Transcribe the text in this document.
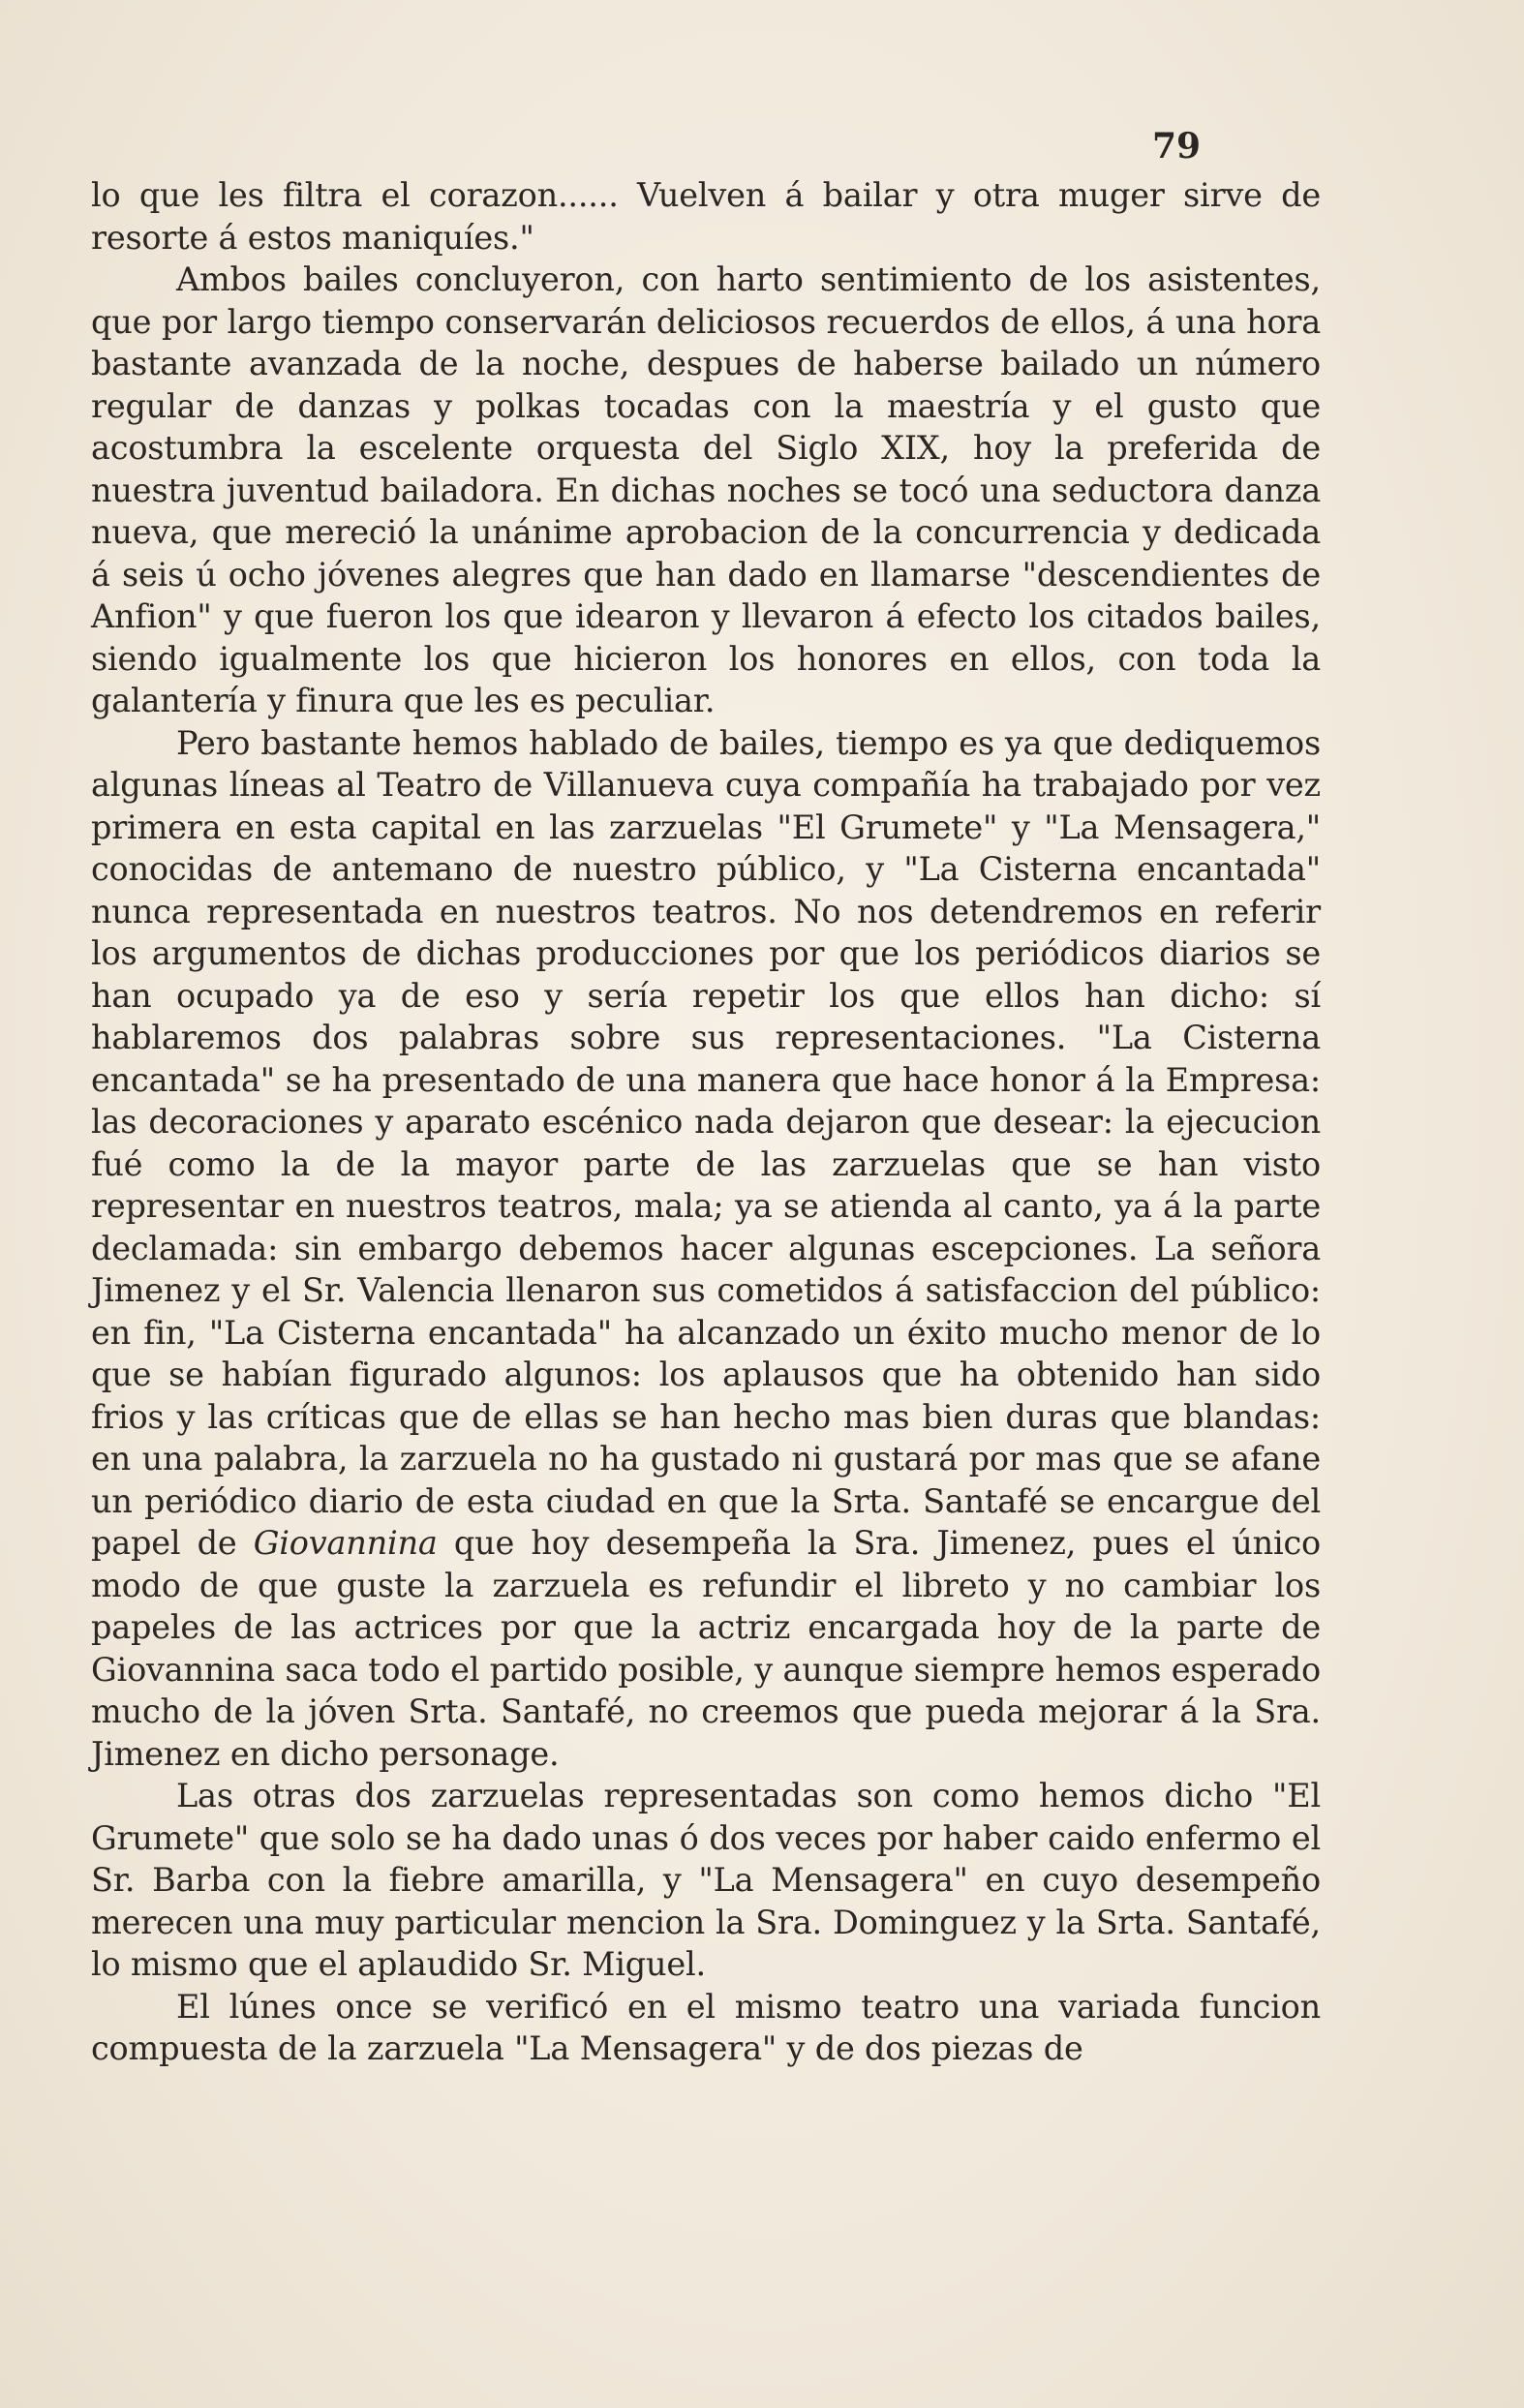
79

lo que les filtra el corazon...... Vuelven á bailar y otra muger sirve de resorte á estos maniquíes."

Ambos bailes concluyeron, con harto sentimiento de los asistentes, que por largo tiempo conservarán deliciosos recuerdos de ellos, á una hora bastante avanzada de la noche, despues de haberse bailado un número regular de danzas y polkas tocadas con la maestría y el gusto que acostumbra la escelente orquesta del Siglo XIX, hoy la preferida de nuestra juventud bailadora. En dichas noches se tocó una seductora danza nueva, que mereció la unánime aprobacion de la concurrencia y dedicada á seis ú ocho jóvenes alegres que han dado en llamarse "descendientes de Anfion" y que fueron los que idearon y llevaron á efecto los citados bailes, siendo igualmente los que hicieron los honores en ellos, con toda la galantería y finura que les es peculiar.

Pero bastante hemos hablado de bailes, tiempo es ya que dediquemos algunas líneas al Teatro de Villanueva cuya compañía ha trabajado por vez primera en esta capital en las zarzuelas "El Grumete" y "La Mensagera," conocidas de antemano de nuestro público, y "La Cisterna encantada" nunca representada en nuestros teatros. No nos detendremos en referir los argumentos de dichas producciones por que los periódicos diarios se han ocupado ya de eso y sería repetir los que ellos han dicho: sí hablaremos dos palabras sobre sus representaciones. "La Cisterna encantada" se ha presentado de una manera que hace honor á la Empresa: las decoraciones y aparato escénico nada dejaron que desear: la ejecucion fué como la de la mayor parte de las zarzuelas que se han visto representar en nuestros teatros, mala; ya se atienda al canto, ya á la parte declamada: sin embargo debemos hacer algunas escepciones. La señora Jimenez y el Sr. Valencia llenaron sus cometidos á satisfaccion del público: en fin, "La Cisterna encantada" ha alcanzado un éxito mucho menor de lo que se habían figurado algunos: los aplausos que ha obtenido han sido frios y las críticas que de ellas se han hecho mas bien duras que blandas: en una palabra, la zarzuela no ha gustado ni gustará por mas que se afane un periódico diario de esta ciudad en que la Srta. Santafé se encargue del papel de Giovannina que hoy desempeña la Sra. Jimenez, pues el único modo de que guste la zarzuela es refundir el libreto y no cambiar los papeles de las actrices por que la actriz encargada hoy de la parte de Giovannina saca todo el partido posible, y aunque siempre hemos esperado mucho de la jóven Srta. Santafé, no creemos que pueda mejorar á la Sra. Jimenez en dicho personage.

Las otras dos zarzuelas representadas son como hemos dicho "El Grumete" que solo se ha dado unas ó dos veces por haber caido enfermo el Sr. Barba con la fiebre amarilla, y "La Mensagera" en cuyo desempeño merecen una muy particular mencion la Sra. Dominguez y la Srta. Santafé, lo mismo que el aplaudido Sr. Miguel.

El lúnes once se verificó en el mismo teatro una variada funcion compuesta de la zarzuela "La Mensagera" y de dos piezas de
